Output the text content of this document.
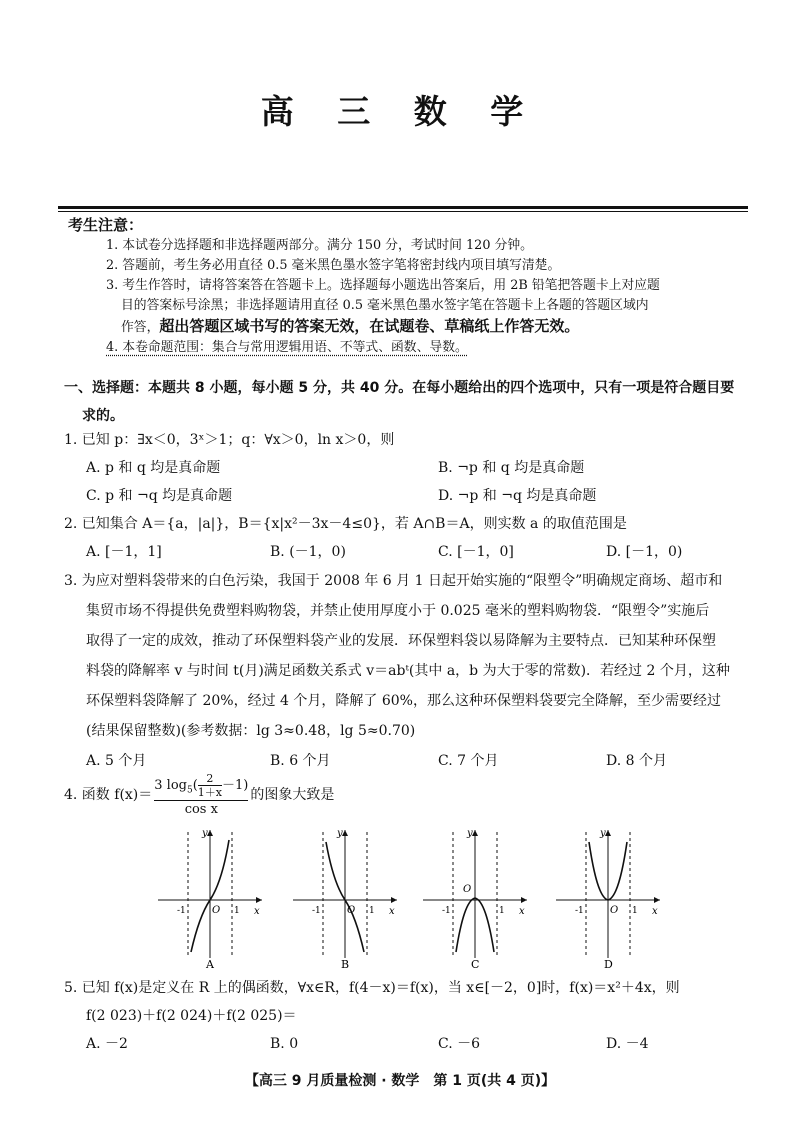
高 三 数 学
考生注意：
1. 本试卷分选择题和非选择题两部分。满分 150 分，考试时间 120 分钟。
2. 答题前，考生务必用直径 0.5 毫米黑色墨水签字笔将密封线内项目填写清楚。
3. 考生作答时，请将答案答在答题卡上。选择题每小题选出答案后，用 2B 铅笔把答题卡上对应题
目的答案标号涂黑；非选择题请用直径 0.5 毫米黑色墨水签字笔在答题卡上各题的答题区域内
作答，超出答题区域书写的答案无效，在试题卷、草稿纸上作答无效。
4. 本卷命题范围：集合与常用逻辑用语、不等式、函数、导数。
一、选择题：本题共 8 小题，每小题 5 分，共 40 分。在每小题给出的四个选项中，只有一项是符合题目要
求的。
1. 已知 p：∃x＜0，3ˣ＞1；q：∀x＞0，ln x＞0，则
A. p 和 q 均是真命题	B. ¬p 和 q 均是真命题
C. p 和 ¬q 均是真命题	D. ¬p 和 ¬q 均是真命题
2. 已知集合 A＝{a，|a|}，B＝{x|x²－3x－4≤0}，若 A∩B＝A，则实数 a 的取值范围是
A. [－1，1]	B. (－1，0)	C. [－1，0]	D. [－1，0)
3. 为应对塑料袋带来的白色污染，我国于 2008 年 6 月 1 日起开始实施的“限塑令”明确规定商场、超市和
集贸市场不得提供免费塑料购物袋，并禁止使用厚度小于 0.025 毫米的塑料购物袋．“限塑令”实施后
取得了一定的成效，推动了环保塑料袋产业的发展．环保塑料袋以易降解为主要特点．已知某种环保塑
料袋的降解率 v 与时间 t(月)满足函数关系式 v＝abᵗ(其中 a，b 为大于零的常数)．若经过 2 个月，这种
环保塑料袋降解了 20%，经过 4 个月，降解了 60%，那么这种环保塑料袋要完全降解，至少需要经过
(结果保留整数)(参考数据：lg 3≈0.48，lg 5≈0.70)
A. 5 个月	B. 6 个月	C. 7 个月	D. 8 个月
4. 函数 $f(x)= \frac{3 \log_5( \frac{2}{1+x} -1)}{\text{cos x}}$ 的图象大致是
y
x
O
-1	1
A
y
x
O
-1	1
B
y
x
O
-1	1
C
y
x
O
-1	1
D
5. 已知 f(x)是定义在 R 上的偶函数，∀x∈R，f(4－x)＝f(x)，当 x∈[－2，0]时，f(x)＝x²＋4x，则
f(2 023)＋f(2 024)＋f(2 025)＝
A. －2	B. 0	C. －6	D. －4
【高三 9 月质量检测 · 数学　第 1 页(共 4 页)】
